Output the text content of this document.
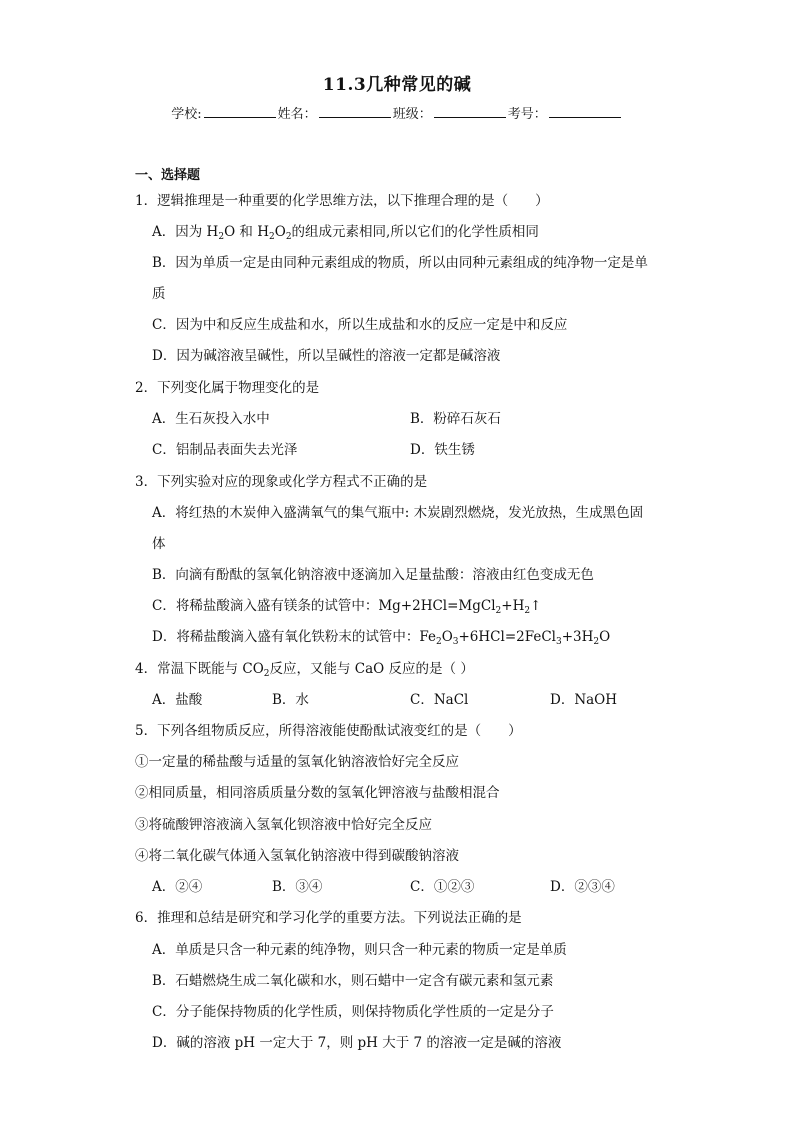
11.3几种常见的碱
学校:	姓名：	班级：	考号：
一、选择题
1．逻辑推理是一种重要的化学思维方法，以下推理合理的是（　　）
A．因为 $H_2O$ 和 $H_2O_2$的组成元素相同,所以它们的化学性质相同
B．因为单质一定是由同种元素组成的物质，所以由同种元素组成的纯净物一定是单
质
C．因为中和反应生成盐和水，所以生成盐和水的反应一定是中和反应
D．因为碱溶液呈碱性，所以呈碱性的溶液一定都是碱溶液
2．下列变化属于物理变化的是
A．生石灰投入水中	B．粉碎石灰石
C．铝制品表面失去光泽	D．铁生锈
3．下列实验对应的现象或化学方程式不正确的是
A．将红热的木炭伸入盛满氧气的集气瓶中: 木炭剧烈燃烧，发光放热，生成黑色固
体
B．向滴有酚酞的氢氧化钠溶液中逐滴加入足量盐酸：溶液由红色变成无色
C．将稀盐酸滴入盛有镁条的试管中：$Mg+2HCl=MgCl_2+H_2↑$
D．将稀盐酸滴入盛有氧化铁粉末的试管中：$Fe_2O_3+6HCl=2FeCl_3+3H_2O$
4．常温下既能与 $CO_2$反应，又能与 CaO 反应的是（ ）
A．盐酸	B．水	C．NaCl	D．NaOH
5．下列各组物质反应，所得溶液能使酚酞试液变红的是（　　）
①一定量的稀盐酸与适量的氢氧化钠溶液恰好完全反应
②相同质量，相同溶质质量分数的氢氧化钾溶液与盐酸相混合
③将硫酸钾溶液滴入氢氧化钡溶液中恰好完全反应
④将二氧化碳气体通入氢氧化钠溶液中得到碳酸钠溶液
A．②④	B．③④	C．①②③	D．②③④
6．推理和总结是研究和学习化学的重要方法。下列说法正确的是
A．单质是只含一种元素的纯净物，则只含一种元素的物质一定是单质
B．石蜡燃烧生成二氧化碳和水，则石蜡中一定含有碳元素和氢元素
C．分子能保持物质的化学性质，则保持物质化学性质的一定是分子
D．碱的溶液 pH 一定大于 7，则 pH 大于 7 的溶液一定是碱的溶液
